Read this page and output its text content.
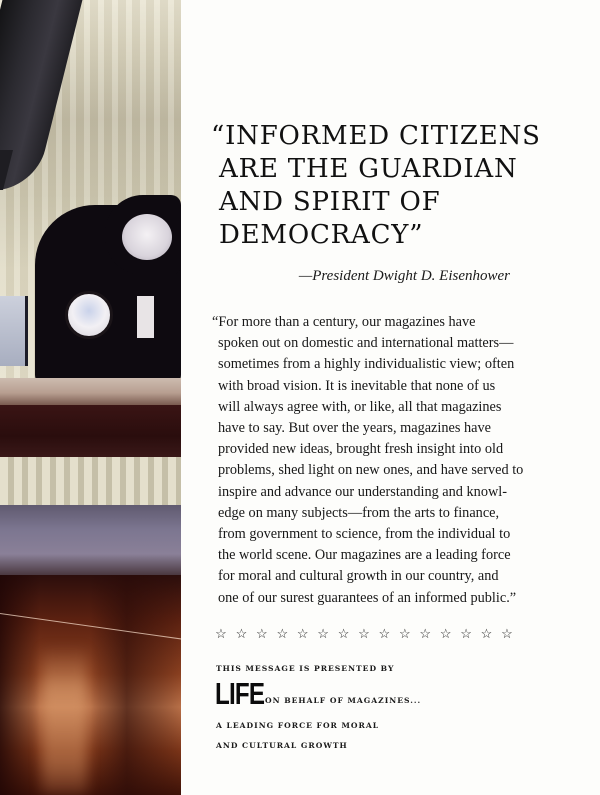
“INFORMED CITIZENS
ARE THE GUARDIAN
AND SPIRIT OF
DEMOCRACY”
—President Dwight D. Eisenhower
“For more than a century, our magazines have
spoken out on domestic and international matters—
sometimes from a highly individualistic view; often
with broad vision. It is inevitable that none of us
will always agree with, or like, all that magazines
have to say. But over the years, magazines have
provided new ideas, brought fresh insight into old
problems, shed light on new ones, and have served to
inspire and advance our understanding and knowl-
edge on many subjects—from the arts to finance,
from government to science, from the individual to
the world scene. Our magazines are a leading force
for moral and cultural growth in our country, and
one of our surest guarantees of an informed public.”
☆ ☆ ☆ ☆ ☆ ☆ ☆ ☆ ☆ ☆ ☆ ☆ ☆ ☆ ☆
THIS MESSAGE IS PRESENTED BY
LIFE ON BEHALF OF MAGAZINES...
A LEADING FORCE FOR MORAL
AND CULTURAL GROWTH
